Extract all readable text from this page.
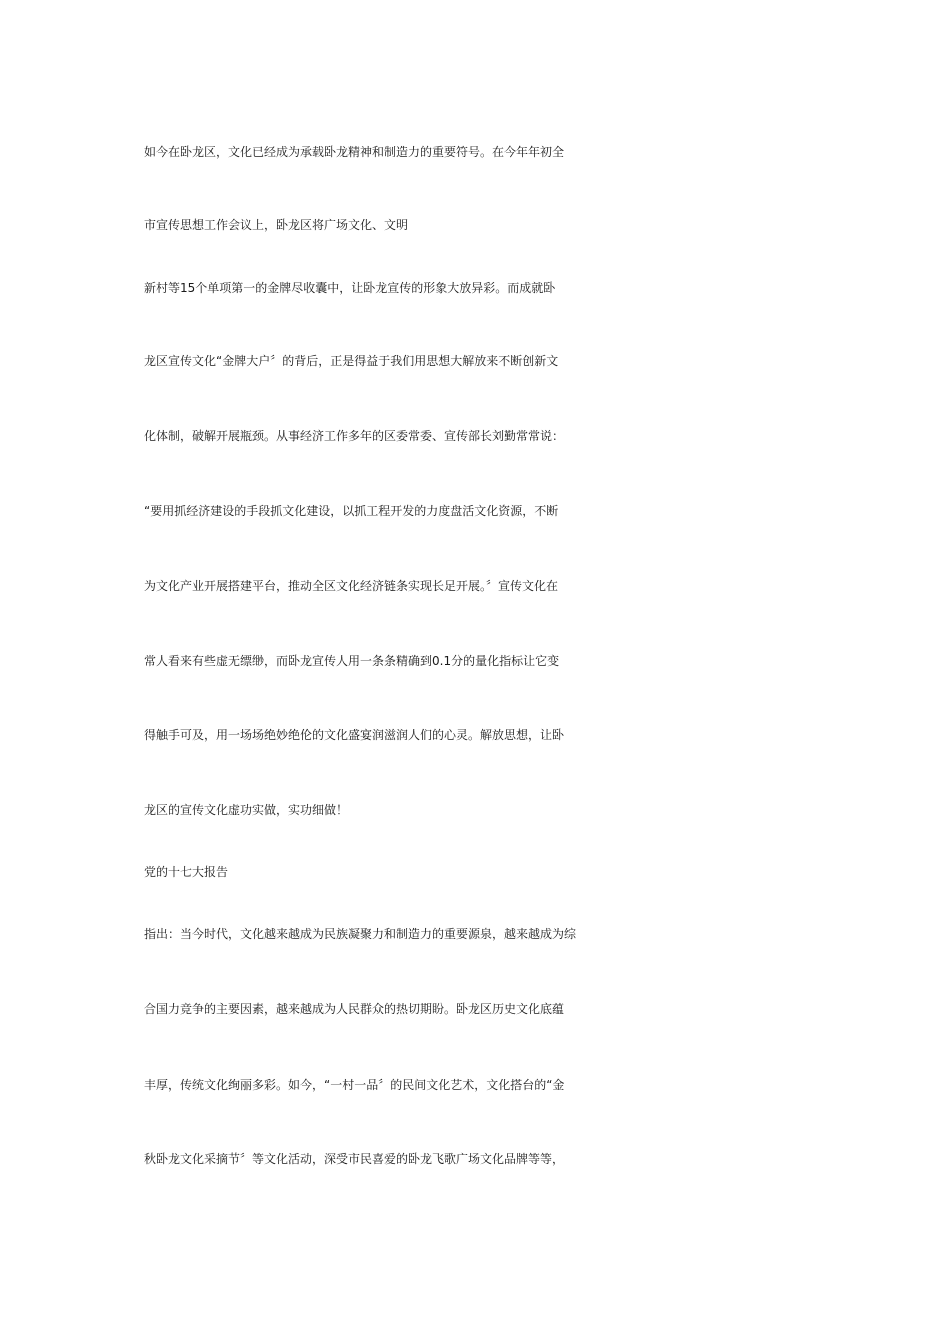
如今在卧龙区，文化已经成为承载卧龙精神和制造力的重要符号。在今年年初全
市宣传思想工作会议上，卧龙区将广场文化、文明
新村等15个单项第一的金牌尽收囊中，让卧龙宣传的形象大放异彩。而成就卧
龙区宣传文化“金牌大户〞的背后，正是得益于我们用思想大解放来不断创新文
化体制，破解开展瓶颈。从事经济工作多年的区委常委、宣传部长刘勤常常说：
“要用抓经济建设的手段抓文化建设，以抓工程开发的力度盘活文化资源，不断
为文化产业开展搭建平台，推动全区文化经济链条实现长足开展。〞宣传文化在
常人看来有些虚无缥缈，而卧龙宣传人用一条条精确到0.1分的量化指标让它变
得触手可及，用一场场绝妙绝伦的文化盛宴润滋润人们的心灵。解放思想，让卧
龙区的宣传文化虚功实做，实功细做！
党的十七大报告
指出：当今时代，文化越来越成为民族凝聚力和制造力的重要源泉，越来越成为综
合国力竞争的主要因素，越来越成为人民群众的热切期盼。卧龙区历史文化底蕴
丰厚，传统文化绚丽多彩。如今，“一村一品〞的民间文化艺术，文化搭台的“金
秋卧龙文化采摘节〞等文化活动，深受市民喜爱的卧龙飞歌广场文化品牌等等，
